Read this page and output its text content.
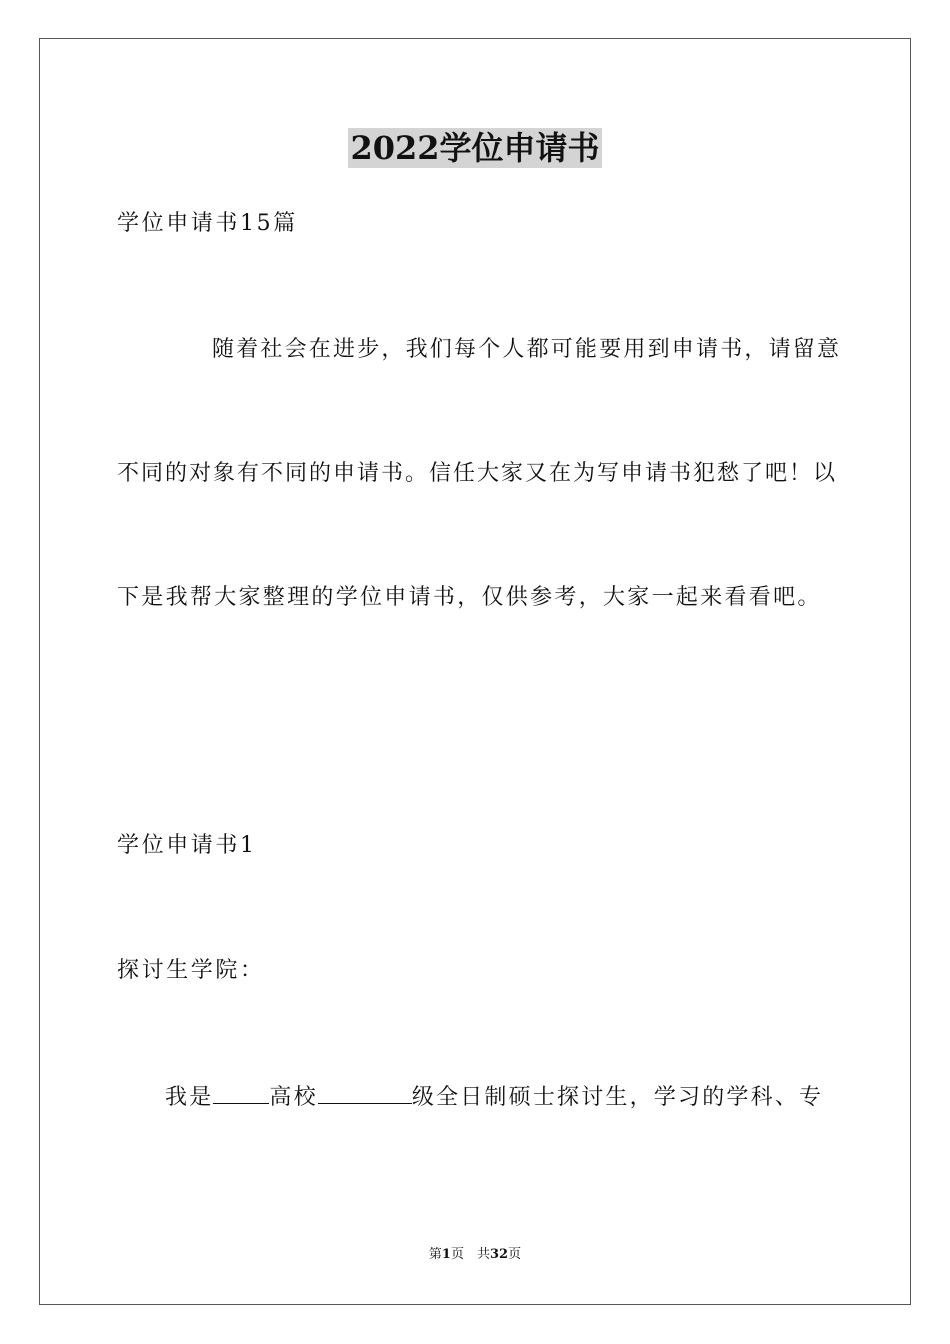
2022学位申请书
学位申请书15篇
随着社会在进步，我们每个人都可能要用到申请书，请留意
不同的对象有不同的申请书。信任大家又在为写申请书犯愁了吧！以
下是我帮大家整理的学位申请书，仅供参考，大家一起来看看吧。
学位申请书1
探讨生学院：
我是	高校	级全日制硕士探讨生，学习的学科、专
第1页　共32页
